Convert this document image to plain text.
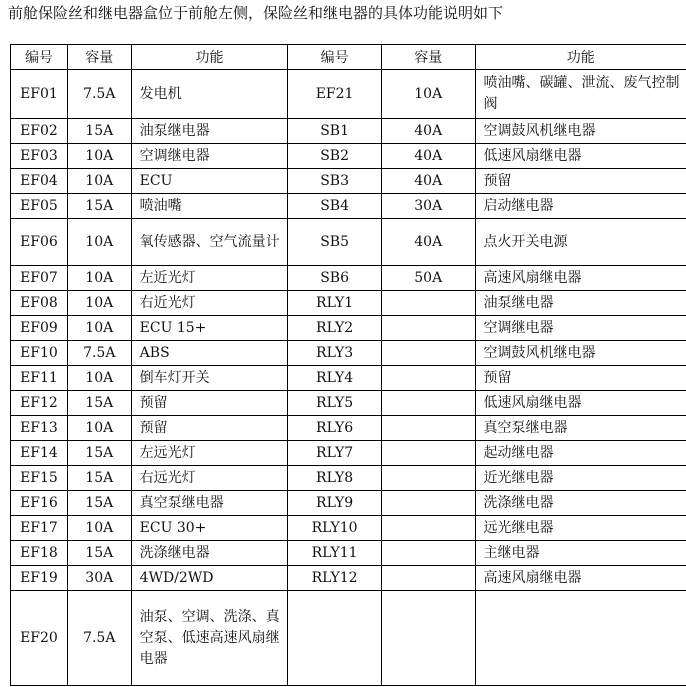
前舱保险丝和继电器盒位于前舱左侧，保险丝和继电器的具体功能说明如下
编号	容量	功能	编号	容量	功能
EF01	7.5A	发电机	EF21	10A	喷油嘴、碳罐、泄流、废气控制阀
EF02	15A	油泵继电器	SB1	40A	空调鼓风机继电器
EF03	10A	空调继电器	SB2	40A	低速风扇继电器
EF04	10A	ECU	SB3	40A	预留
EF05	15A	喷油嘴	SB4	30A	启动继电器
EF06	10A	氧传感器、空气流量计	SB5	40A	点火开关电源
EF07	10A	左近光灯	SB6	50A	高速风扇继电器
EF08	10A	右近光灯	RLY1		油泵继电器
EF09	10A	ECU 15+	RLY2		空调继电器
EF10	7.5A	ABS	RLY3		空调鼓风机继电器
EF11	10A	倒车灯开关	RLY4		预留
EF12	15A	预留	RLY5		低速风扇继电器
EF13	10A	预留	RLY6		真空泵继电器
EF14	15A	左远光灯	RLY7		起动继电器
EF15	15A	右远光灯	RLY8		近光继电器
EF16	15A	真空泵继电器	RLY9		洗涤继电器
EF17	10A	ECU 30+	RLY10		远光继电器
EF18	15A	洗涤继电器	RLY11		主继电器
EF19	30A	4WD/2WD	RLY12		高速风扇继电器
EF20	7.5A	油泵、空调、洗涤、真空泵、低速高速风扇继电器			
